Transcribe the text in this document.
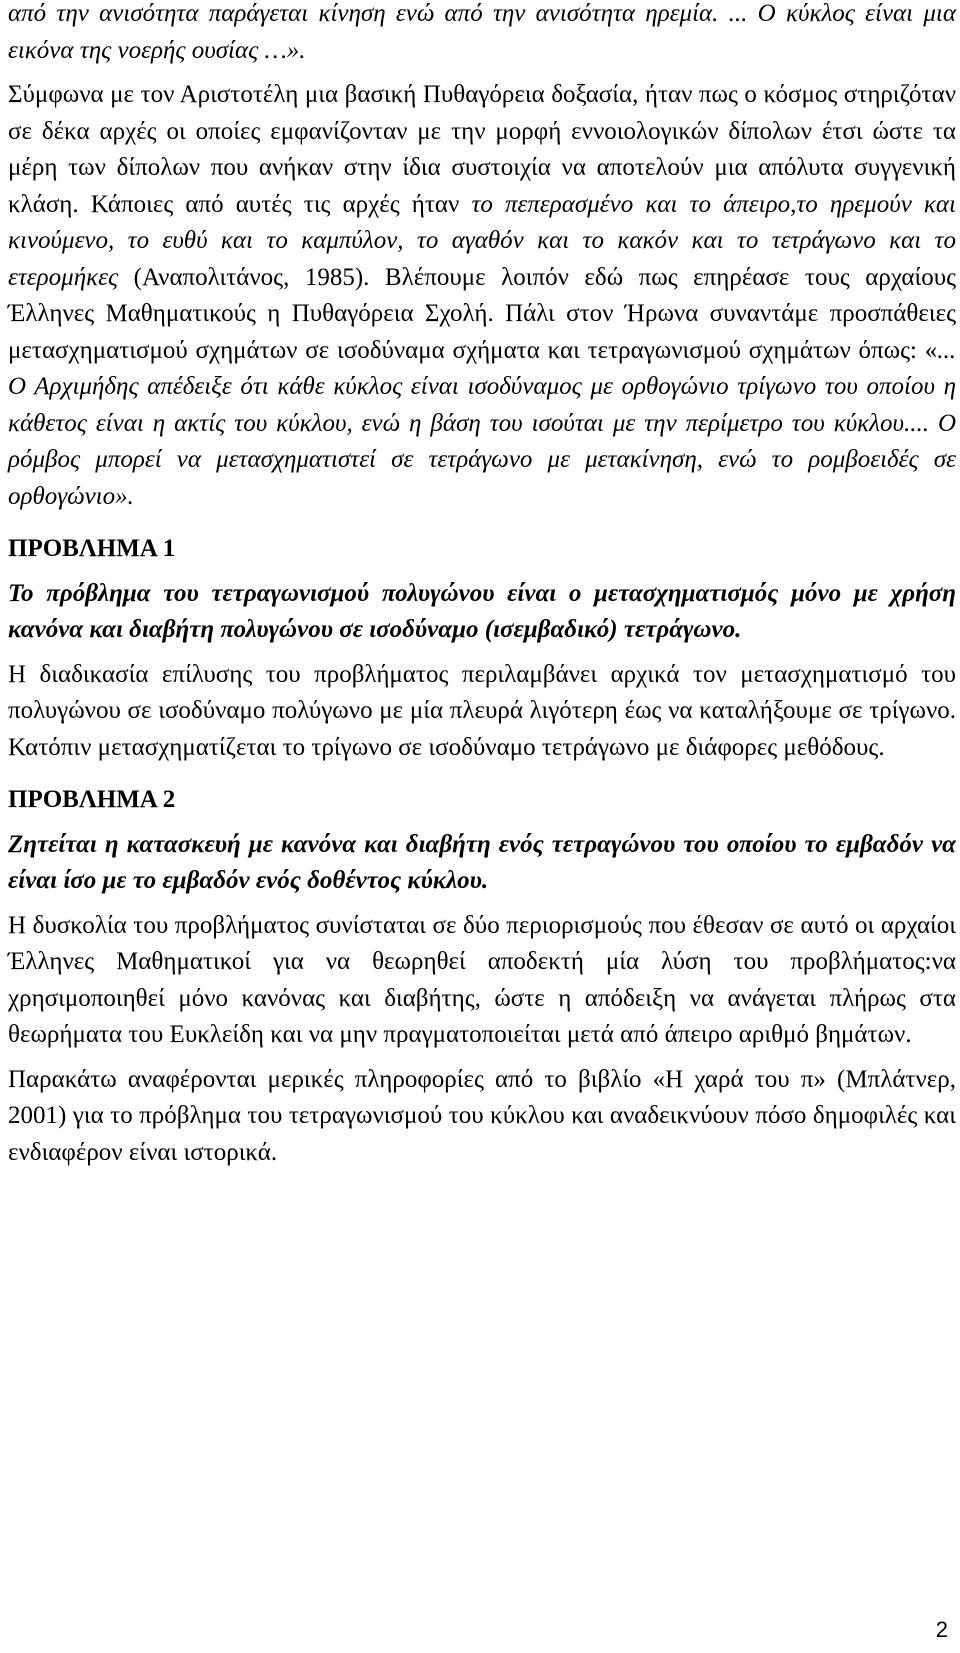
από την ανισότητα παράγεται κίνηση ενώ από την ανισότητα ηρεμία. ... Ο κύκλος είναι μια εικόνα της νοερής ουσίας …».

Σύμφωνα με τον Αριστοτέλη μια βασική Πυθαγόρεια δοξασία, ήταν πως ο κόσμος στηριζόταν σε δέκα αρχές οι οποίες εμφανίζονταν με την μορφή εννοιολογικών δίπολων έτσι ώστε τα μέρη των δίπολων που ανήκαν στην ίδια συστοιχία να αποτελούν μια απόλυτα συγγενική κλάση. Κάποιες από αυτές τις αρχές ήταν το πεπερασμένο και το άπειρο,το ηρεμούν και κινούμενο, το ευθύ και το καμπύλον, το αγαθόν και το κακόν και το τετράγωνο και το ετερομήκες (Αναπολιτάνος, 1985). Βλέπουμε λοιπόν εδώ πως επηρέασε τους αρχαίους Έλληνες Μαθηματικούς η Πυθαγόρεια Σχολή. Πάλι στον Ήρωνα συναντάμε προσπάθειες μετασχηματισμού σχημάτων σε ισοδύναμα σχήματα και τετραγωνισμού σχημάτων όπως: «... Ο Αρχιμήδης απέδειξε ότι κάθε κύκλος είναι ισοδύναμος με ορθογώνιο τρίγωνο του οποίου η κάθετος είναι η ακτίς του κύκλου, ενώ η βάση του ισούται με την περίμετρο του κύκλου.... Ο ρόμβος μπορεί να μετασχηματιστεί σε τετράγωνο με μετακίνηση, ενώ το ρομβοειδές σε ορθογώνιο».

ΠΡΟΒΛΗΜΑ 1

Το πρόβλημα του τετραγωνισμού πολυγώνου είναι ο μετασχηματισμός μόνο με χρήση κανόνα και διαβήτη πολυγώνου σε ισοδύναμο (ισεμβαδικό) τετράγωνο.

Η διαδικασία επίλυσης του προβλήματος περιλαμβάνει αρχικά τον μετασχηματισμό του πολυγώνου σε ισοδύναμο πολύγωνο με μία πλευρά λιγότερη έως να καταλήξουμε σε τρίγωνο. Κατόπιν μετασχηματίζεται το τρίγωνο σε ισοδύναμο τετράγωνο με διάφορες μεθόδους.

ΠΡΟΒΛΗΜΑ 2

Ζητείται η κατασκευή με κανόνα και διαβήτη ενός τετραγώνου του οποίου το εμβαδόν να είναι ίσο με το εμβαδόν ενός δοθέντος κύκλου.

Η δυσκολία του προβλήματος συνίσταται σε δύο περιορισμούς που έθεσαν σε αυτό οι αρχαίοι Έλληνες Μαθηματικοί για να θεωρηθεί αποδεκτή μία λύση του προβλήματος:να χρησιμοποιηθεί μόνο κανόνας και διαβήτης, ώστε η απόδειξη να ανάγεται πλήρως στα θεωρήματα του Ευκλείδη και να μην πραγματοποιείται μετά από άπειρο αριθμό βημάτων.

Παρακάτω αναφέρονται μερικές πληροφορίες από το βιβλίο «Η χαρά του π» (Μπλάτνερ, 2001) για το πρόβλημα του τετραγωνισμού του κύκλου και αναδεικνύουν πόσο δημοφιλές και ενδιαφέρον είναι ιστορικά.

2
